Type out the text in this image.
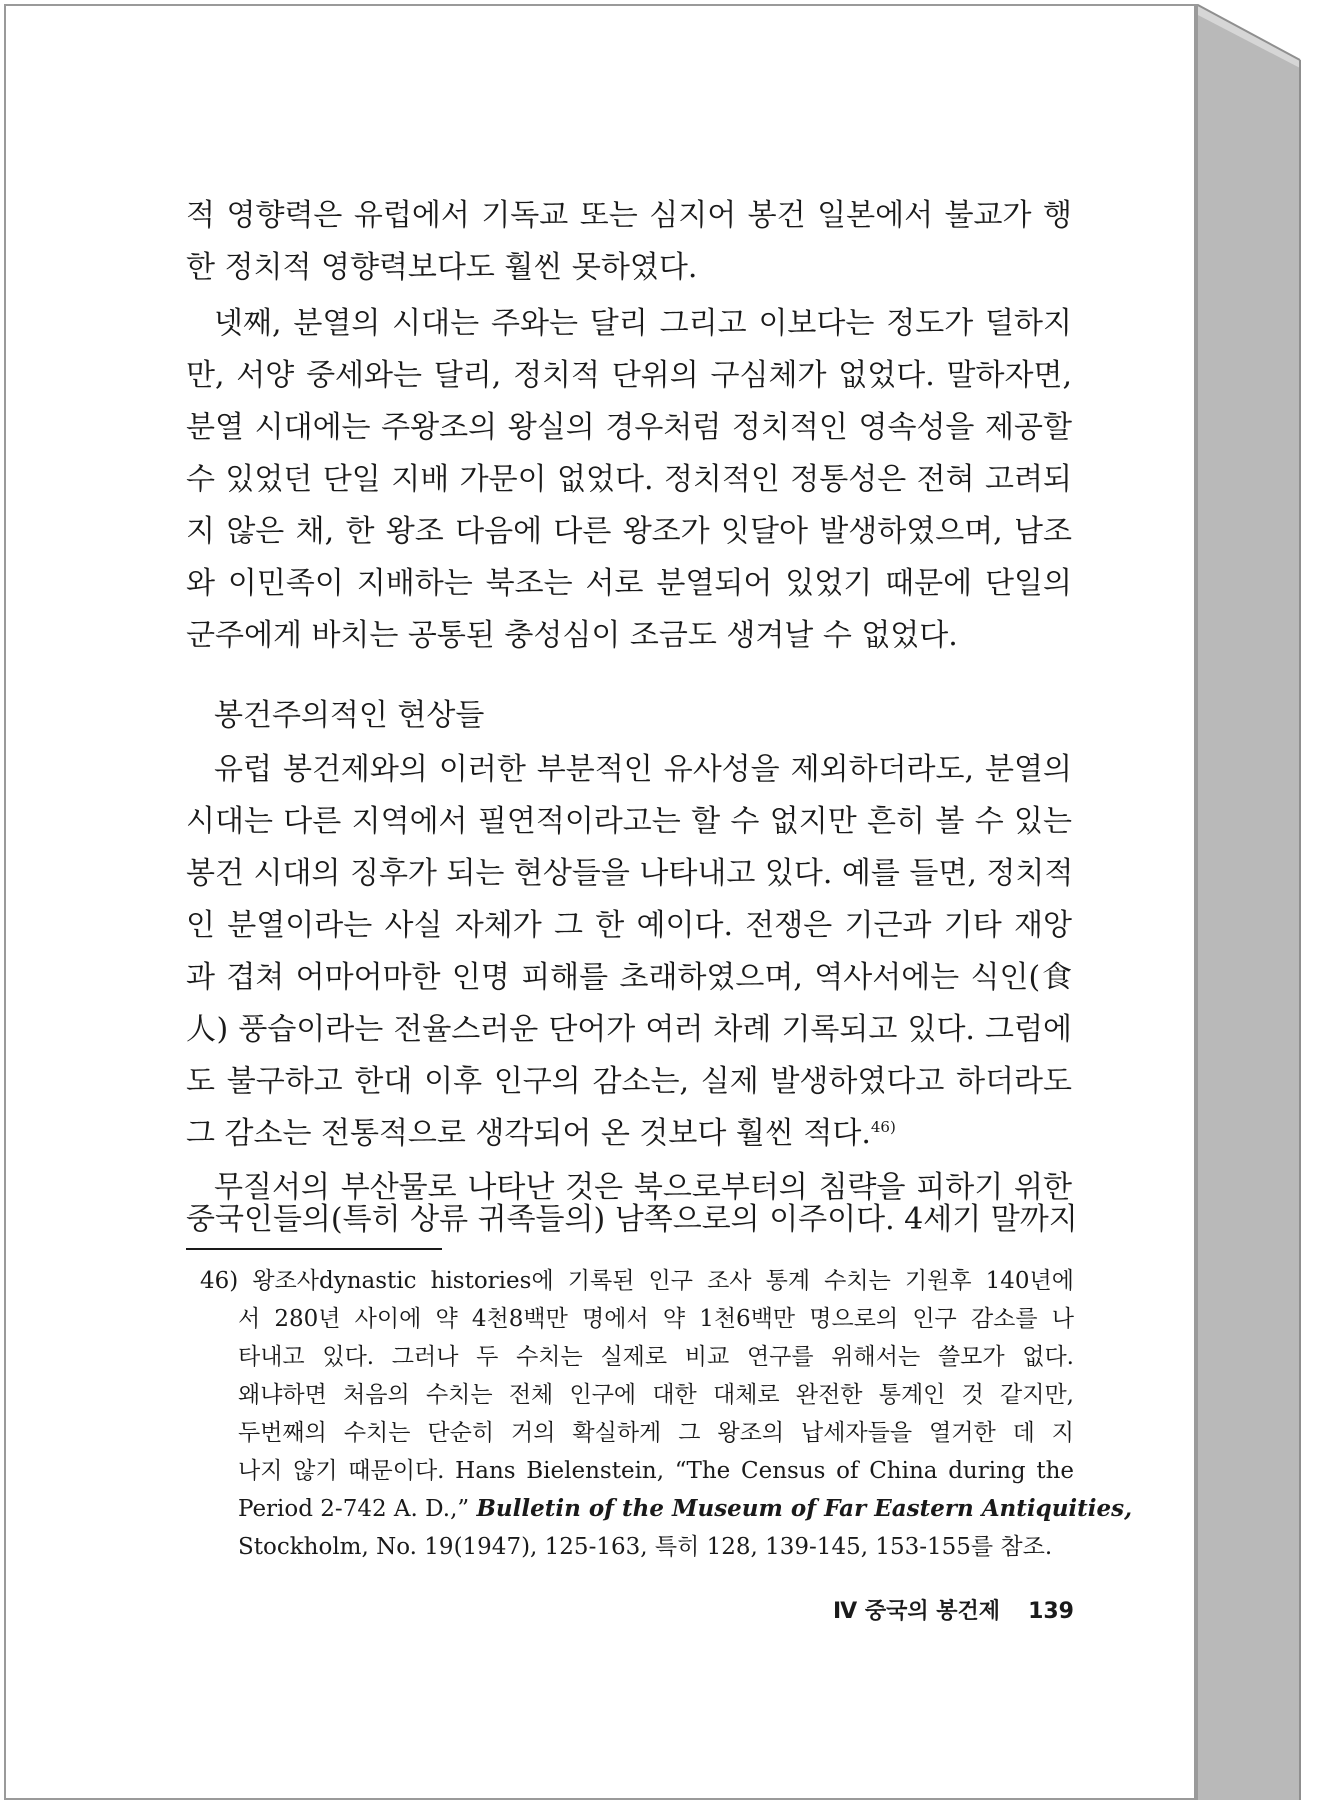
적 영향력은 유럽에서 기독교 또는 심지어 봉건 일본에서 불교가 행
한 정치적 영향력보다도 훨씬 못하였다.
넷째, 분열의 시대는 주와는 달리 그리고 이보다는 정도가 덜하지
만, 서양 중세와는 달리, 정치적 단위의 구심체가 없었다. 말하자면,
분열 시대에는 주왕조의 왕실의 경우처럼 정치적인 영속성을 제공할
수 있었던 단일 지배 가문이 없었다. 정치적인 정통성은 전혀 고려되
지 않은 채, 한 왕조 다음에 다른 왕조가 잇달아 발생하였으며, 남조
와 이민족이 지배하는 북조는 서로 분열되어 있었기 때문에 단일의
군주에게 바치는 공통된 충성심이 조금도 생겨날 수 없었다.
봉건주의적인 현상들
유럽 봉건제와의 이러한 부분적인 유사성을 제외하더라도, 분열의
시대는 다른 지역에서 필연적이라고는 할 수 없지만 흔히 볼 수 있는
봉건 시대의 징후가 되는 현상들을 나타내고 있다. 예를 들면, 정치적
인 분열이라는 사실 자체가 그 한 예이다. 전쟁은 기근과 기타 재앙
과 겹쳐 어마어마한 인명 피해를 초래하였으며, 역사서에는 식인(食
人) 풍습이라는 전율스러운 단어가 여러 차례 기록되고 있다. 그럼에
도 불구하고 한대 이후 인구의 감소는, 실제 발생하였다고 하더라도
그 감소는 전통적으로 생각되어 온 것보다 훨씬 적다.$^{46)}$
무질서의 부산물로 나타난 것은 북으로부터의 침략을 피하기 위한
중국인들의(특히 상류 귀족들의) 남쪽으로의 이주이다. 4세기 말까지
46) 왕조사dynastic histories에 기록된 인구 조사 통계 수치는 기원후 140년에
서 280년 사이에 약 4천8백만 명에서 약 1천6백만 명으로의 인구 감소를 나
타내고 있다. 그러나 두 수치는 실제로 비교 연구를 위해서는 쓸모가 없다.
왜냐하면 처음의 수치는 전체 인구에 대한 대체로 완전한 통계인 것 같지만,
두번째의 수치는 단순히 거의 확실하게 그 왕조의 납세자들을 열거한 데 지
나지 않기 때문이다. Hans Bielenstein, “The Census of China during the
Period 2-742 A. D.,” Bulletin of the Museum of Far Eastern Antiquities,
Stockholm, No. 19(1947), 125-163, 특히 128, 139-145, 153-155를 참조.
Ⅳ 중국의 봉건제 139
